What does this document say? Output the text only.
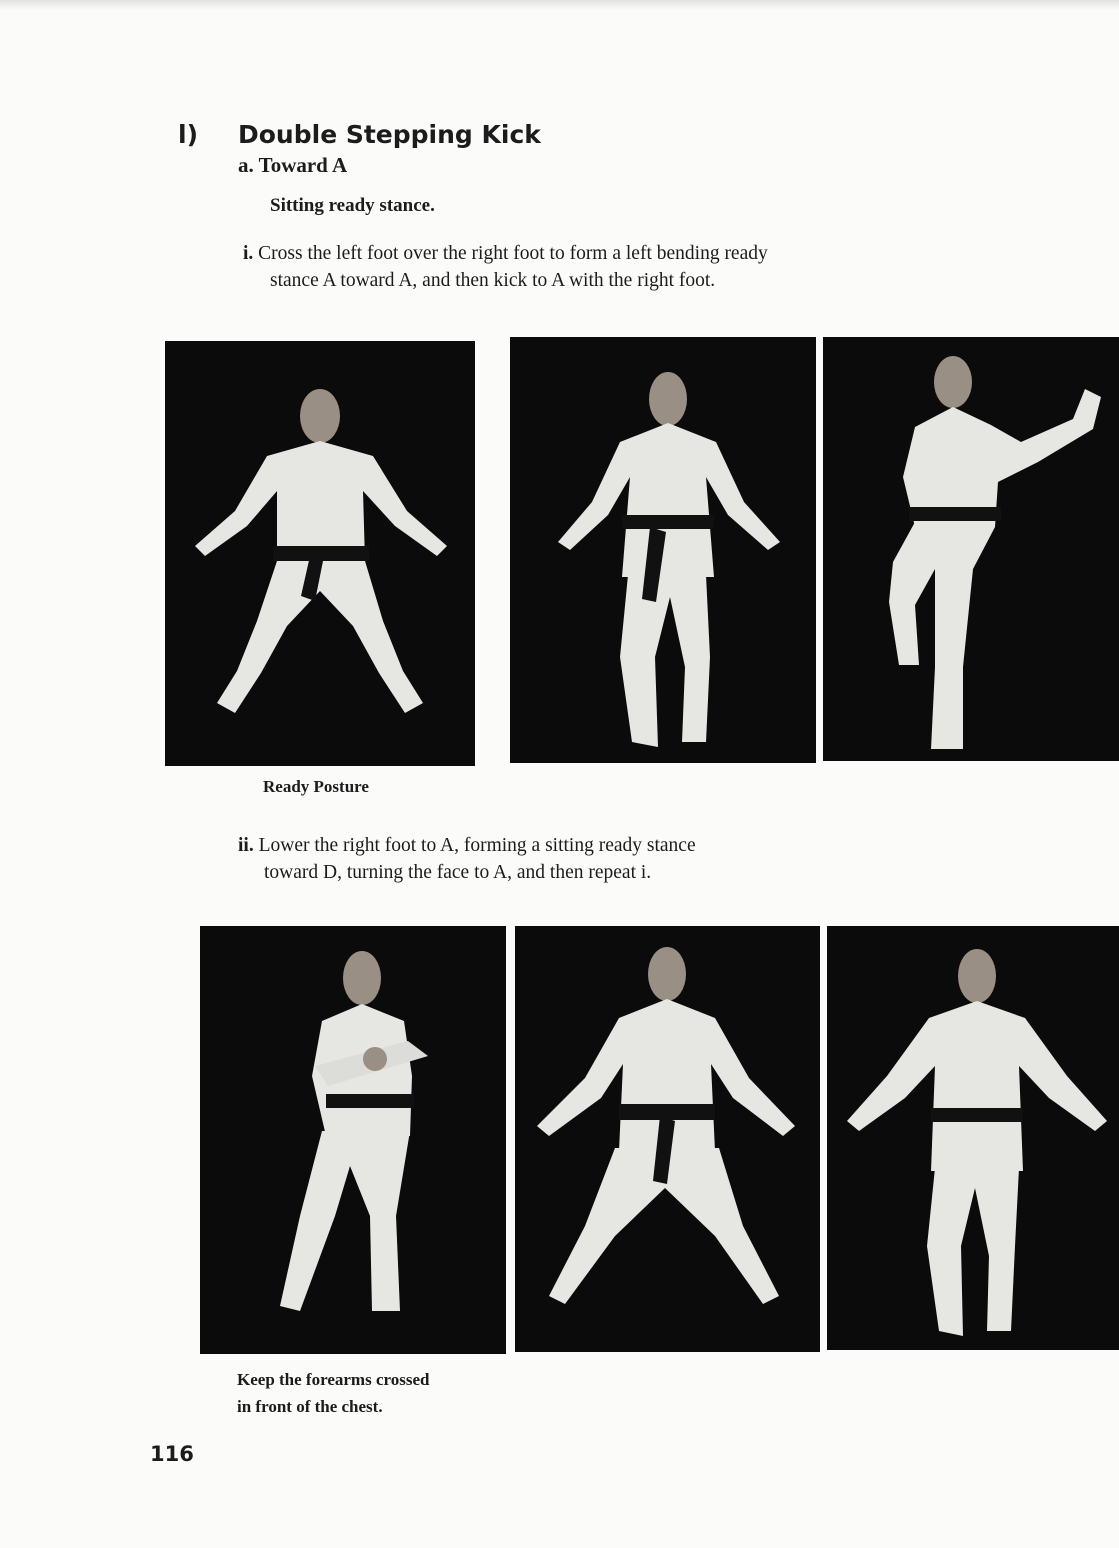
l) Double Stepping Kick
a. Toward A
Sitting ready stance.
i. Cross the left foot over the right foot to form a left bending ready
stance A toward A, and then kick to A with the right foot.
Ready Posture
ii. Lower the right foot to A, forming a sitting ready stance
toward D, turning the face to A, and then repeat i.
Keep the forearms crossed
in front of the chest.
116
